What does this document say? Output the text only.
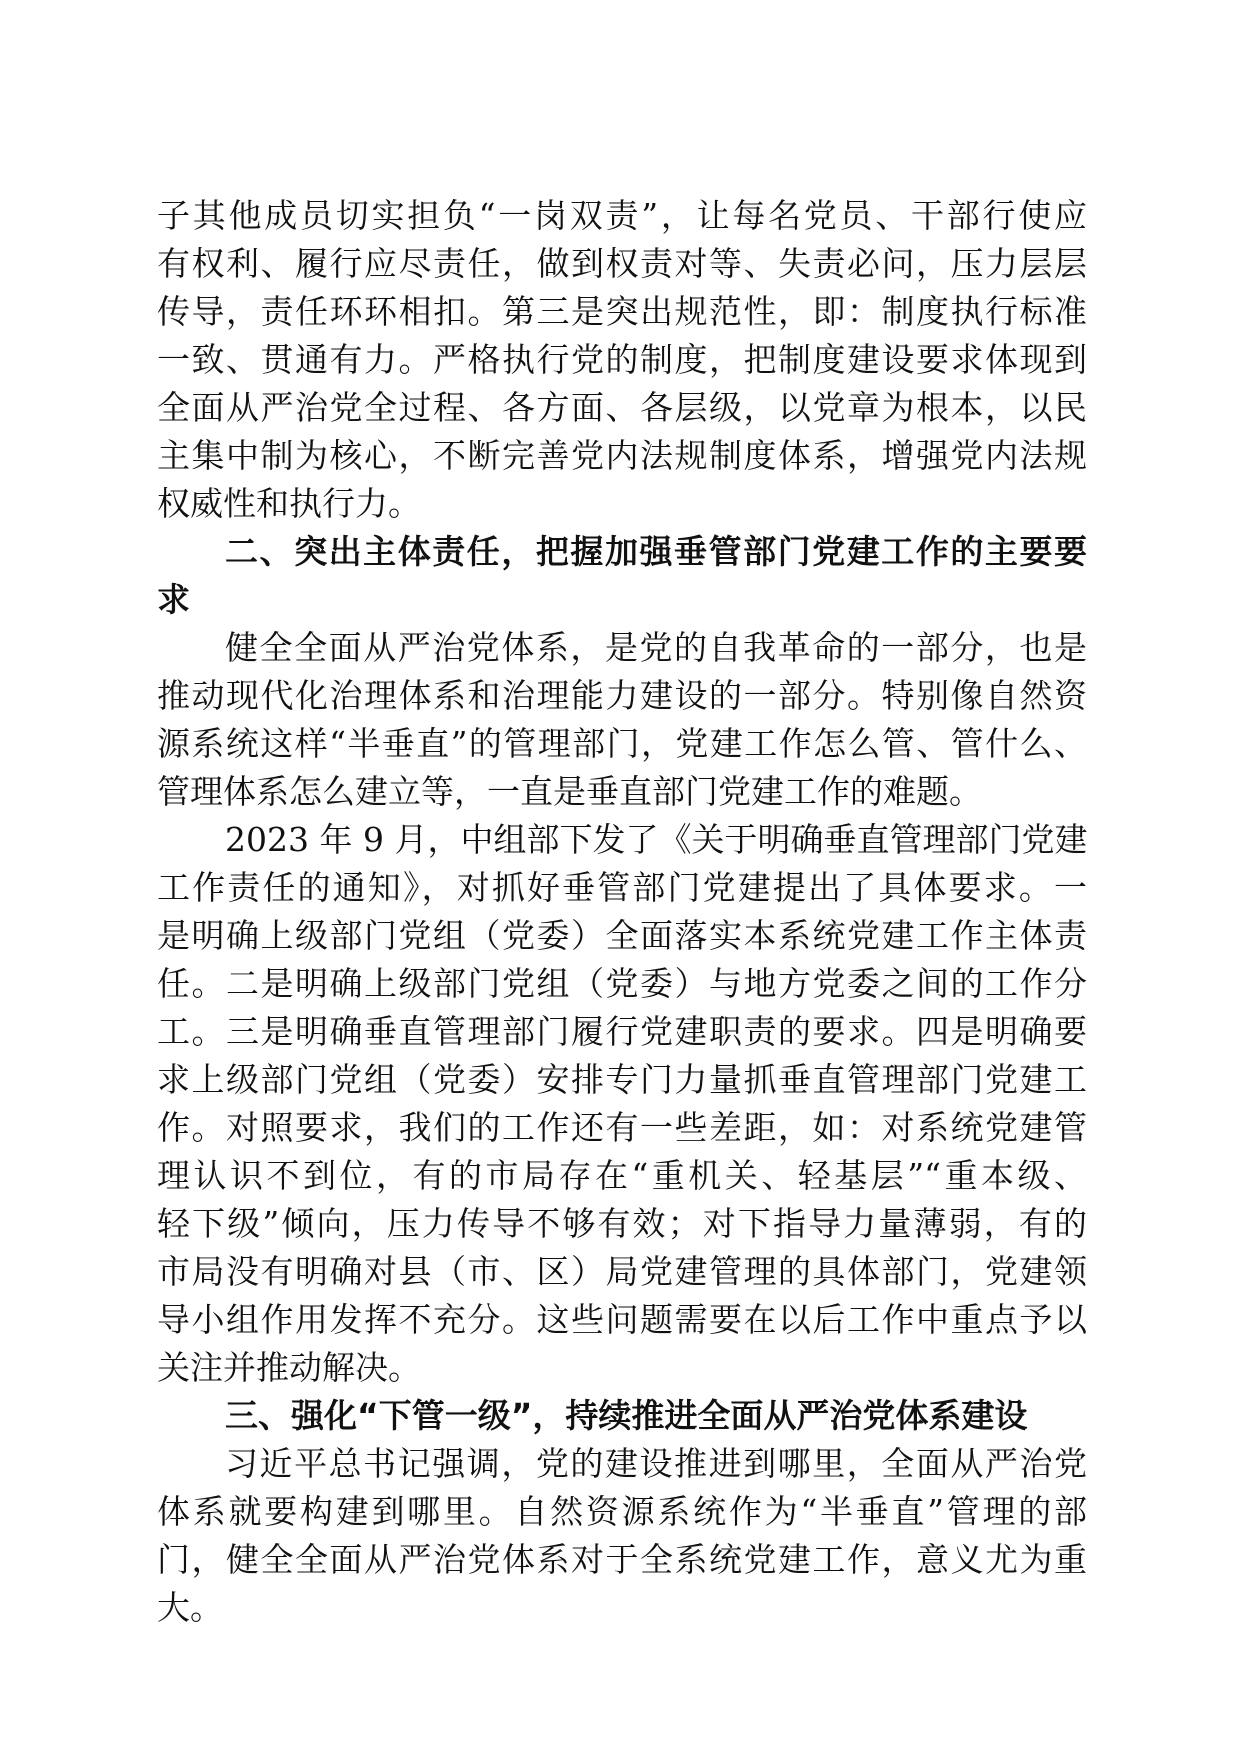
子其他成员切实担负“一岗双责”，让每名党员、干部行使应
有权利、履行应尽责任，做到权责对等、失责必问，压力层层
传导，责任环环相扣。第三是突出规范性，即：制度执行标准
一致、贯通有力。严格执行党的制度，把制度建设要求体现到
全面从严治党全过程、各方面、各层级，以党章为根本，以民
主集中制为核心，不断完善党内法规制度体系，增强党内法规
权威性和执行力。
二、突出主体责任，把握加强垂管部门党建工作的主要要
求
健全全面从严治党体系，是党的自我革命的一部分，也是
推动现代化治理体系和治理能力建设的一部分。特别像自然资
源系统这样“半垂直”的管理部门，党建工作怎么管、管什么、
管理体系怎么建立等，一直是垂直部门党建工作的难题。
2023 年 9 月，中组部下发了《关于明确垂直管理部门党建
工作责任的通知》，对抓好垂管部门党建提出了具体要求。一
是明确上级部门党组（党委）全面落实本系统党建工作主体责
任。二是明确上级部门党组（党委）与地方党委之间的工作分
工。三是明确垂直管理部门履行党建职责的要求。四是明确要
求上级部门党组（党委）安排专门力量抓垂直管理部门党建工
作。对照要求，我们的工作还有一些差距，如：对系统党建管
理认识不到位，有的市局存在“重机关、轻基层”“重本级、
轻下级”倾向，压力传导不够有效；对下指导力量薄弱，有的
市局没有明确对县（市、区）局党建管理的具体部门，党建领
导小组作用发挥不充分。这些问题需要在以后工作中重点予以
关注并推动解决。
三、强化“下管一级”，持续推进全面从严治党体系建设
习近平总书记强调，党的建设推进到哪里，全面从严治党
体系就要构建到哪里。自然资源系统作为“半垂直”管理的部
门，健全全面从严治党体系对于全系统党建工作，意义尤为重
大。
